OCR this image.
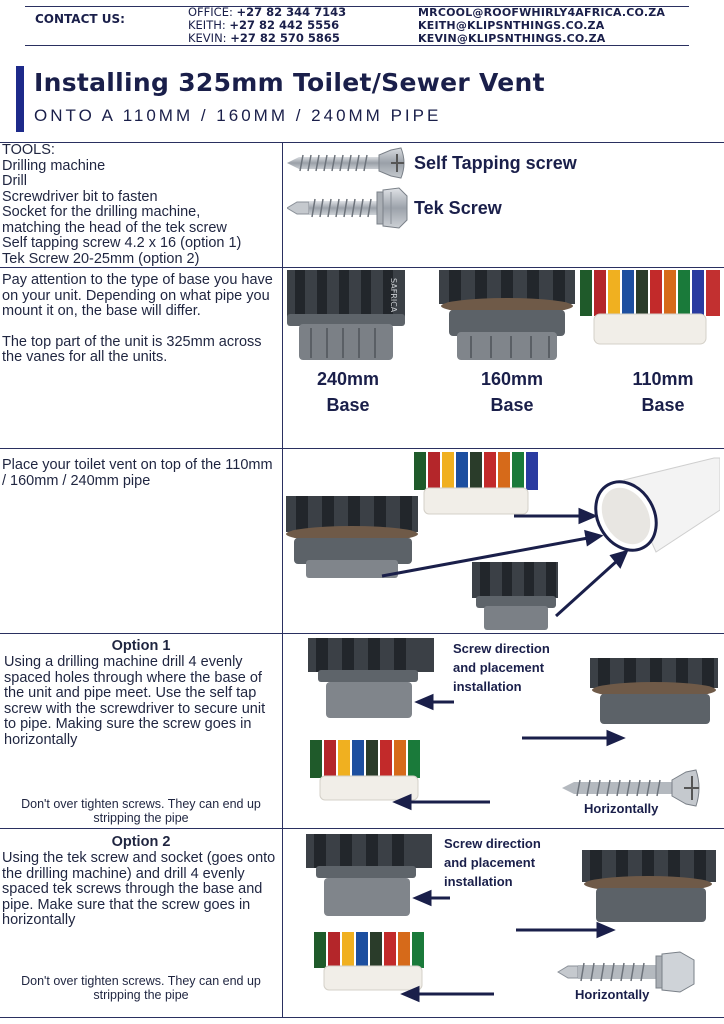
CONTACT US:	OFFICE: +27 82 344 7143
KEITH: +27 82 442 5556
KEVIN: +27 82 570 5865
MRCOOL@ROOFWHIRLY4AFRICA.CO.ZA
KEITH@KLIPSNTHINGS.CO.ZA
KEVIN@KLIPSNTHINGS.CO.ZA
Installing 325mm Toilet/Sewer Vent
ONTO A 110MM / 160MM / 240MM PIPE
TOOLS:
Drilling machine
Drill
Screwdriver bit to fasten
Socket for the drilling machine,
matching the head of the tek screw
Self tapping screw 4.2 x 16 (option 1)
Tek Screw 20-25mm (option 2)
Self Tapping screw
Tek Screw
Pay attention to the type of base you have on your unit. Depending on what pipe you mount it on, the base will differ.
The top part of the unit is 325mm across the vanes for all the units.
SAFRICA
240mm
Base
160mm
Base
110mm
Base
Place your toilet vent on top of the 110mm / 160mm / 240mm pipe
Option 1
Using a drilling machine drill 4 evenly spaced holes through where the base of the unit and pipe meet. Use the self tap screw with the screwdriver to secure unit to pipe. Making sure the screw goes in horizontally
Don't over tighten screws. They can end up stripping the pipe
Screw direction and placement installation
Horizontally
Option 2
Using the tek screw and socket (goes onto the drilling machine) and drill 4 evenly spaced tek screws through the base and pipe. Make sure that the screw goes in horizontally
Don't over tighten screws. They can end up stripping the pipe
Screw direction and placement installation
Horizontally
